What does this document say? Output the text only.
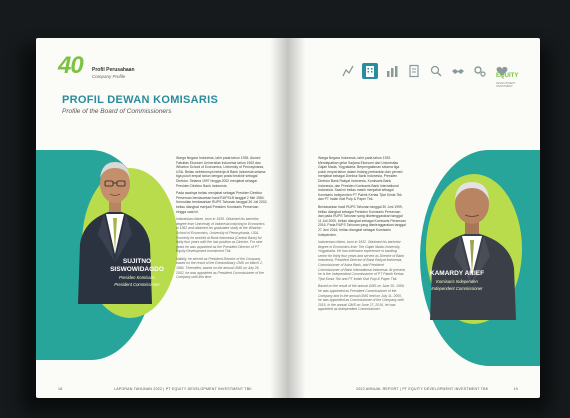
40 Profil Perusahaan
Company Profile
PROFIL DEWAN KOMISARIS
Profile of the Board of Commissioners
SUJITNO
SISWOWIDAGDO
Presiden Komisaris
President Commissioner

Warga Negara Indonesia, lahir pada tahun 1935. Alumni Fakultas Ekonomi Universitas Indonesia tahun 1962 dan Wharton School of Economics, University of Pennsylvania, USA. Beliau sebelumnya bekerja di Bank Indonesia selama tiga puluh empat tahun dengan posisi terakhir sebagai Direktur. Selama 1997 hingga 2002 menjabat sebagai Presiden Direktur Bank Indonesia.

Pada awalnya beliau menjabat sebagai Presiden Direktur Perseroan berdasarkan hasil RUPSLB tanggal 2 Mei 1984. Kemudian berdasarkan RUPS Tahunan tanggal 26 Juli 2002, beliau diangkat menjadi Presiden Komisaris Perseroan hingga saat ini.

Indonesian citizen, born in 1935. Obtained his bachelor degree from University of Indonesia majoring in Economics in 1962 and obtained his graduated study at the Wharton School of Economics, University of Pennsylvania, USA. Formerly he worked at Bank Indonesia (Central Bank) for thirty four years with the last position as Director. For nine years he was appointed as the President Director of PT Equity Development Investment Tbk.

Initially, he served as President Director of the Company based on the result of the Extraordinary GMS on March 2, 1984. Thereafter, based on the annual GMS on July 26, 2002, he was appointed as President Commissioner of the Company until this time.

18	LAPORAN TAHUNAN 2022 | PT EQUITY DEVELOPMENT INVESTMENT TBK
EQUITY
DEVELOPMENT INVESTMENT

Warga Negara Indonesia, lahir pada tahun 1932. Mendapatkan gelar Sarjana Ekonomi dari Universitas Gajah Mada, Yogyakarta. Berpengalaman selama tiga puluh empat tahun dalam bidang perbankan dan pernah menjabat sebagai Direktur Bank Indonesia, Presiden Direktur Bank Rakyat Indonesia, Komisaris Bank Indonesia, dan Presiden Komisaris Bank International Indonesia. Saat ini beliau masih menjabat sebagai Komisaris Independen PT Pabrik Kertas Tjiwi Kimia Tbk dan PT Indah Kiat Pulp & Paper Tbk.

Berdasarkan hasil RUPS Tahunan tanggal 30 Juni 1999, beliau diangkat sebagai Presiden Komisaris Perseroan dan pada RUPS Tahunan yang diselenggarakan tanggal 11 Juli 2000, beliau diangkat sebagai Komisaris Perseroan 2016. Pada RUPS Tahunan yang diselenggarakan tanggal 27 Juni 2016, beliau diangkat sebagai Komisaris Independen.

Indonesian citizen, born in 1932. Obtained his bachelor degree in Economics from The Gajah Mada University, Yogyakarta. He has extensive experience in banking sector for thirty four years and served as Director of Bank Indonesia, President Director of Bank Rakyat Indonesia, Commissioner of Astra Bank, and President Commissioner of Bank International Indonesia. At present, he is the Independent Commissioner of PT Pabrik Kertas Tjiwi Kimia Tbk and PT Indah Kiat Pulp & Paper Tbk.

Based on the result of the annual GMS on June 30, 1999, he was appointed as President Commissioner of the Company and in the annual GMS held on July 11, 2000, he was appointed as Commissioner of the Company until 2016. In the annual GMS on June 27, 2016, he was appointed as Independent Commissioner.

KAMARDY ARIEF
Komisaris Independen
Independent Commissioner
2022 ANNUAL REPORT | PT EQUITY DEVELOPMENT INVESTMENT TBK	19
